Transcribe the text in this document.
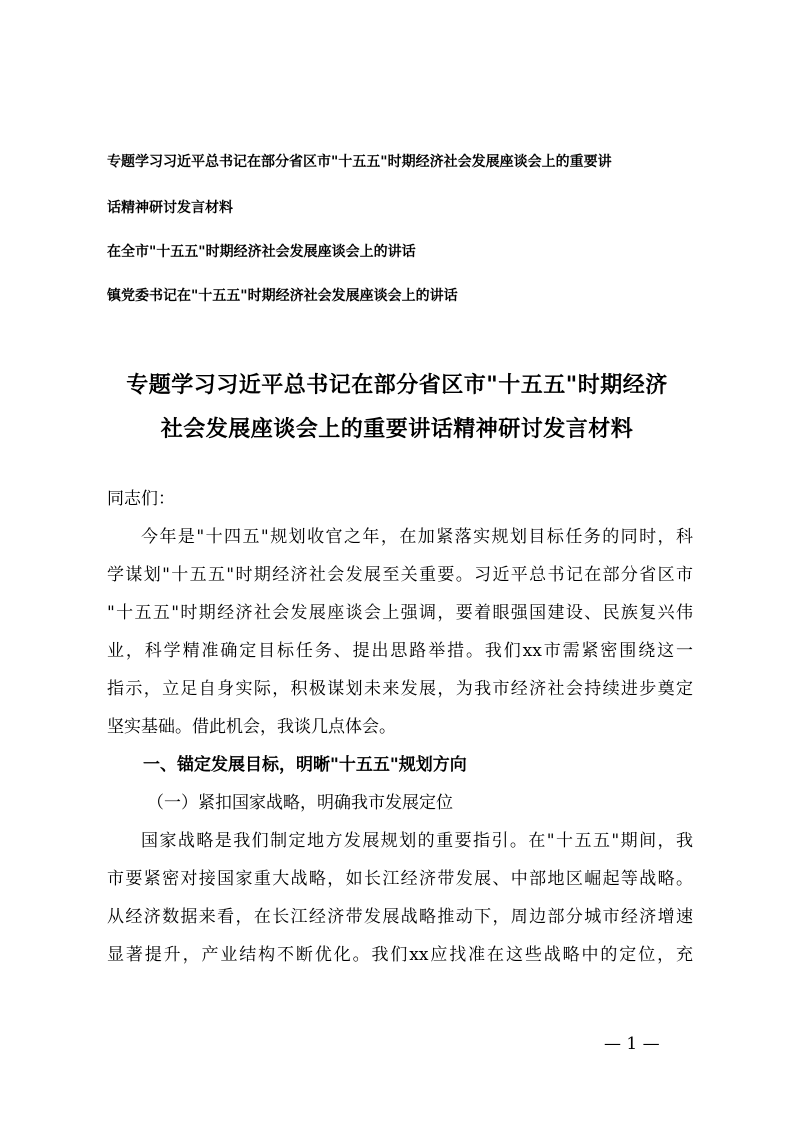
专题学习习近平总书记在部分省区市"十五五"时期经济社会发展座谈会上的重要讲
话精神研讨发言材料
在全市"十五五"时期经济社会发展座谈会上的讲话
镇党委书记在"十五五"时期经济社会发展座谈会上的讲话
专题学习习近平总书记在部分省区市"十五五"时期经济
社会发展座谈会上的重要讲话精神研讨发言材料
同志们：
今年是"十四五"规划收官之年，在加紧落实规划目标任务的同时，科
学谋划"十五五"时期经济社会发展至关重要。习近平总书记在部分省区市
"十五五"时期经济社会发展座谈会上强调，要着眼强国建设、民族复兴伟
业，科学精准确定目标任务、提出思路举措。我们xx市需紧密围绕这一
指示，立足自身实际，积极谋划未来发展，为我市经济社会持续进步奠定
坚实基础。借此机会，我谈几点体会。
一、锚定发展目标，明晰"十五五"规划方向
（一）紧扣国家战略，明确我市发展定位
国家战略是我们制定地方发展规划的重要指引。在"十五五"期间，我
市要紧密对接国家重大战略，如长江经济带发展、中部地区崛起等战略。
从经济数据来看，在长江经济带发展战略推动下，周边部分城市经济增速
显著提升，产业结构不断优化。我们xx应找准在这些战略中的定位，充
— 1 —
